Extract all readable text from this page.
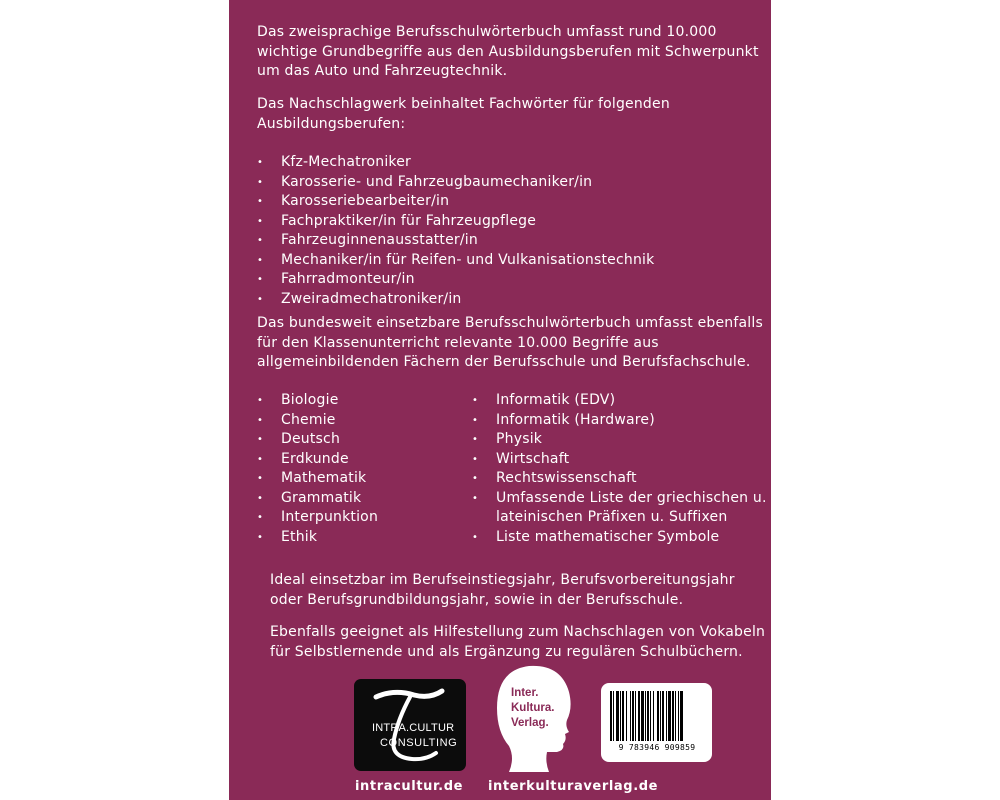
Das zweisprachige Berufsschulwörterbuch umfasst rund 10.000 wichtige Grundbegriffe aus den Ausbildungsberufen mit Schwerpunkt um das Auto und Fahrzeugtechnik.

Das Nachschlagwerk beinhaltet Fachwörter für folgenden Ausbildungsberufen:

• Kfz-Mechatroniker
• Karosserie- und Fahrzeugbaumechaniker/in
• Karosseriebearbeiter/in
• Fachpraktiker/in für Fahrzeugpflege
• Fahrzeuginnenausstatter/in
• Mechaniker/in für Reifen- und Vulkanisationstechnik
• Fahrradmonteur/in
• Zweiradmechatroniker/in

Das bundesweit einsetzbare Berufsschulwörterbuch umfasst ebenfalls für den Klassenunterricht relevante 10.000 Begriffe aus allgemeinbildenden Fächern der Berufsschule und Berufsfachschule.

• Biologie
• Chemie
• Deutsch
• Erdkunde
• Mathematik
• Grammatik
• Interpunktion
• Ethik
• Informatik (EDV)
• Informatik (Hardware)
• Physik
• Wirtschaft
• Rechtswissenschaft
• Umfassende Liste der griechischen u. lateinischen Präfixen u. Suffixen
• Liste mathematischer Symbole

Ideal einsetzbar im Berufseinstiegsjahr, Berufsvorbereitungsjahr oder Berufsgrundbildungsjahr, sowie in der Berufsschule.

Ebenfalls geeignet als Hilfestellung zum Nachschlagen von Vokabeln für Selbstlernende und als Ergänzung zu regulären Schulbüchern.

INTRA.CULTUR
CONSULTING
Inter.
Kultura.
Verlag.
9 783946 909859
intracultur.de interkulturaverlag.de
